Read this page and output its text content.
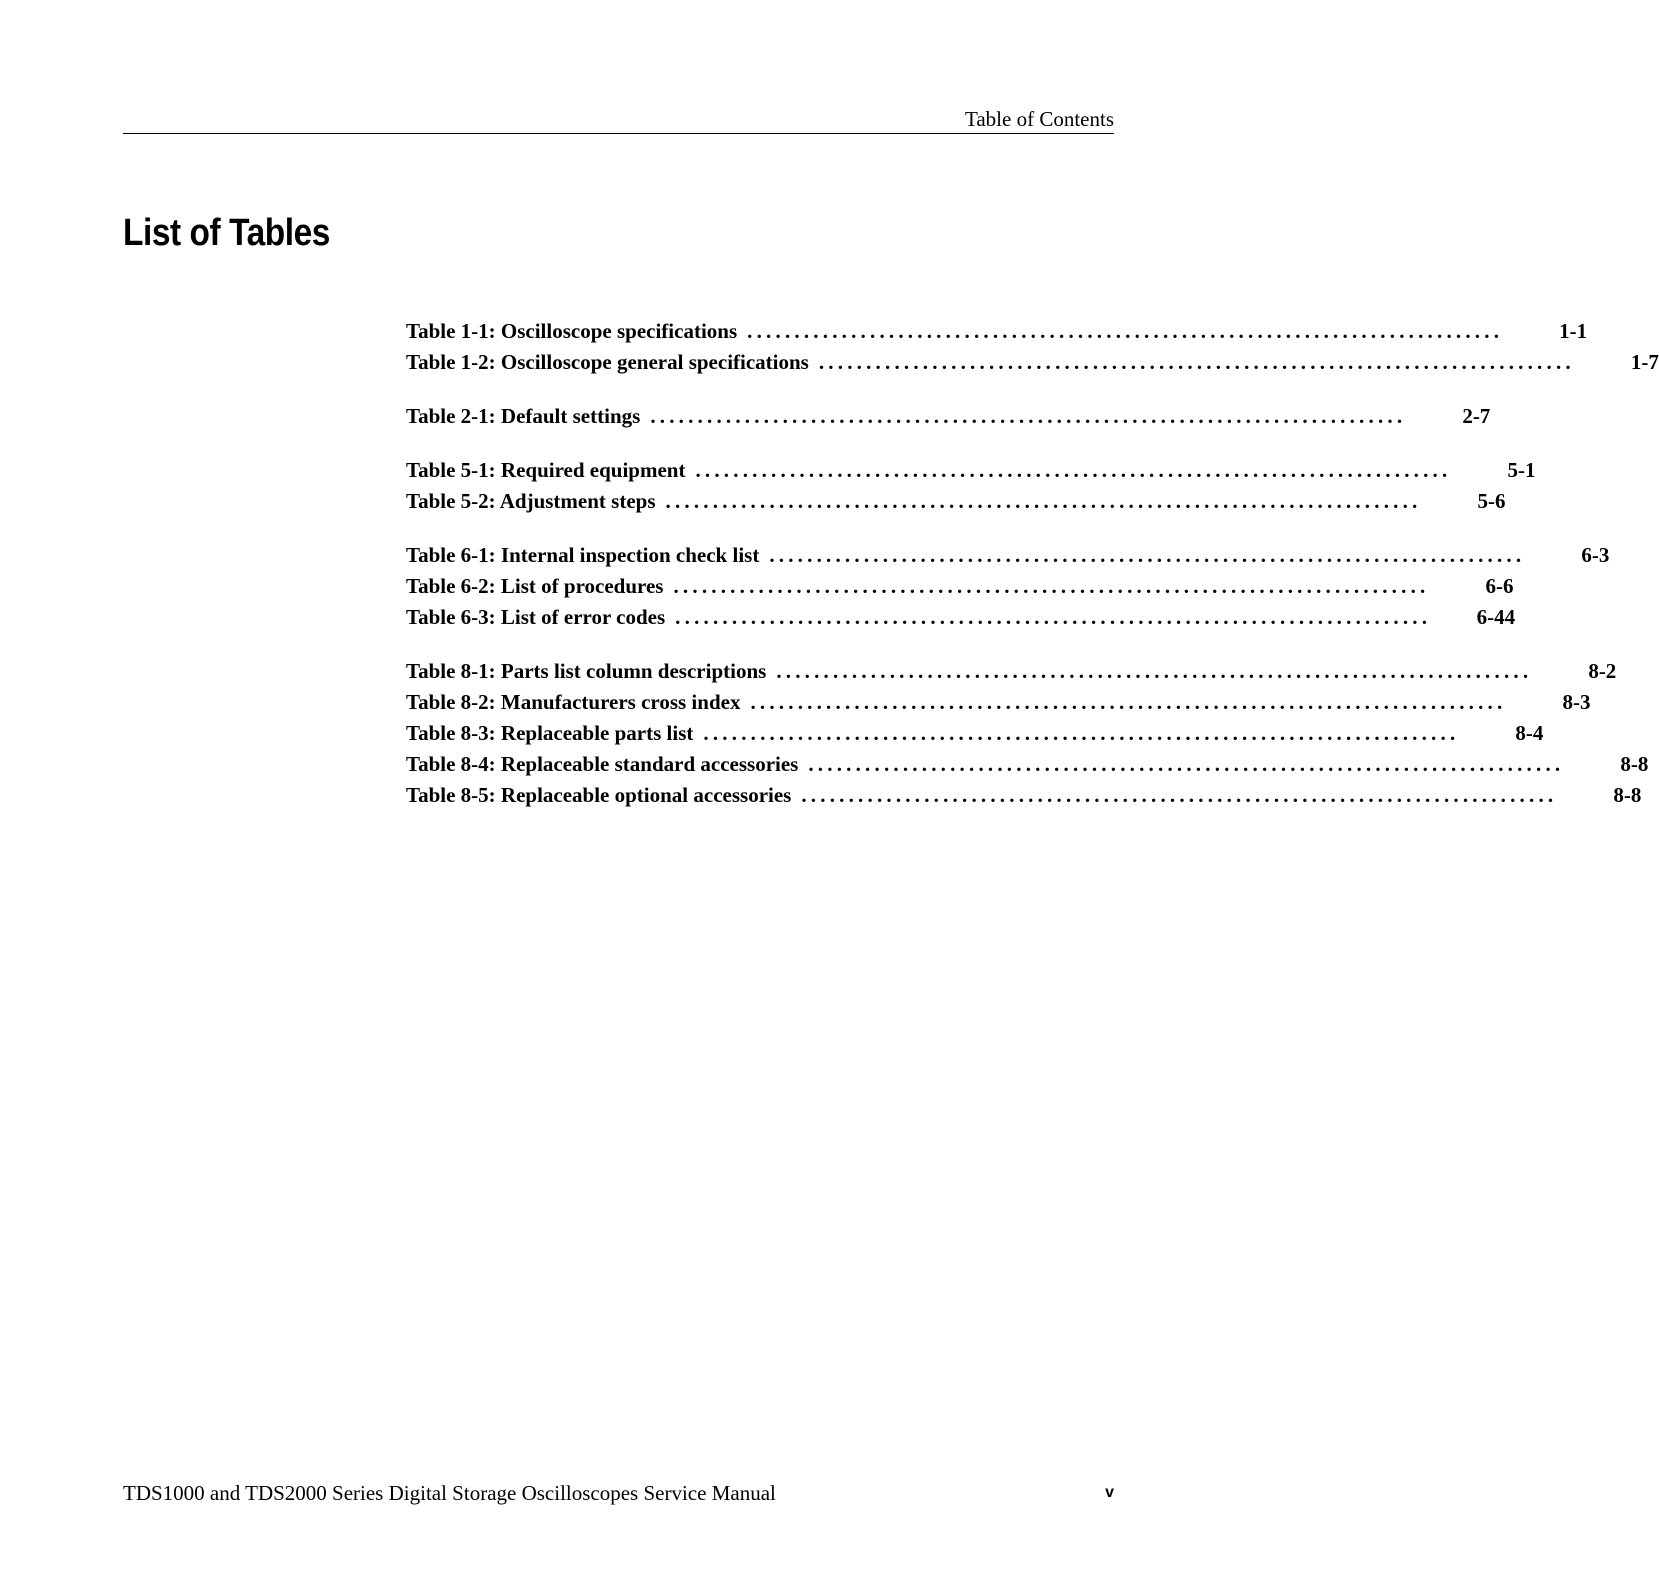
Table of Contents
List of Tables
Table 1-1: Oscilloscope specifications ................................................................................	1-1
Table 1-2: Oscilloscope general specifications ................................................................................	1-7
Table 2-1: Default settings ................................................................................	2-7
Table 5-1: Required equipment ................................................................................	5-1
Table 5-2: Adjustment steps ................................................................................	5-6
Table 6-1: Internal inspection check list ................................................................................	6-3
Table 6-2: List of procedures ................................................................................	6-6
Table 6-3: List of error codes ................................................................................	6-44
Table 8-1: Parts list column descriptions ................................................................................	8-2
Table 8-2: Manufacturers cross index ................................................................................	8-3
Table 8-3: Replaceable parts list ................................................................................	8-4
Table 8-4: Replaceable standard accessories ................................................................................	8-8
Table 8-5: Replaceable optional accessories ................................................................................	8-8
TDS1000 and TDS2000 Series Digital Storage Oscilloscopes Service Manual	v
